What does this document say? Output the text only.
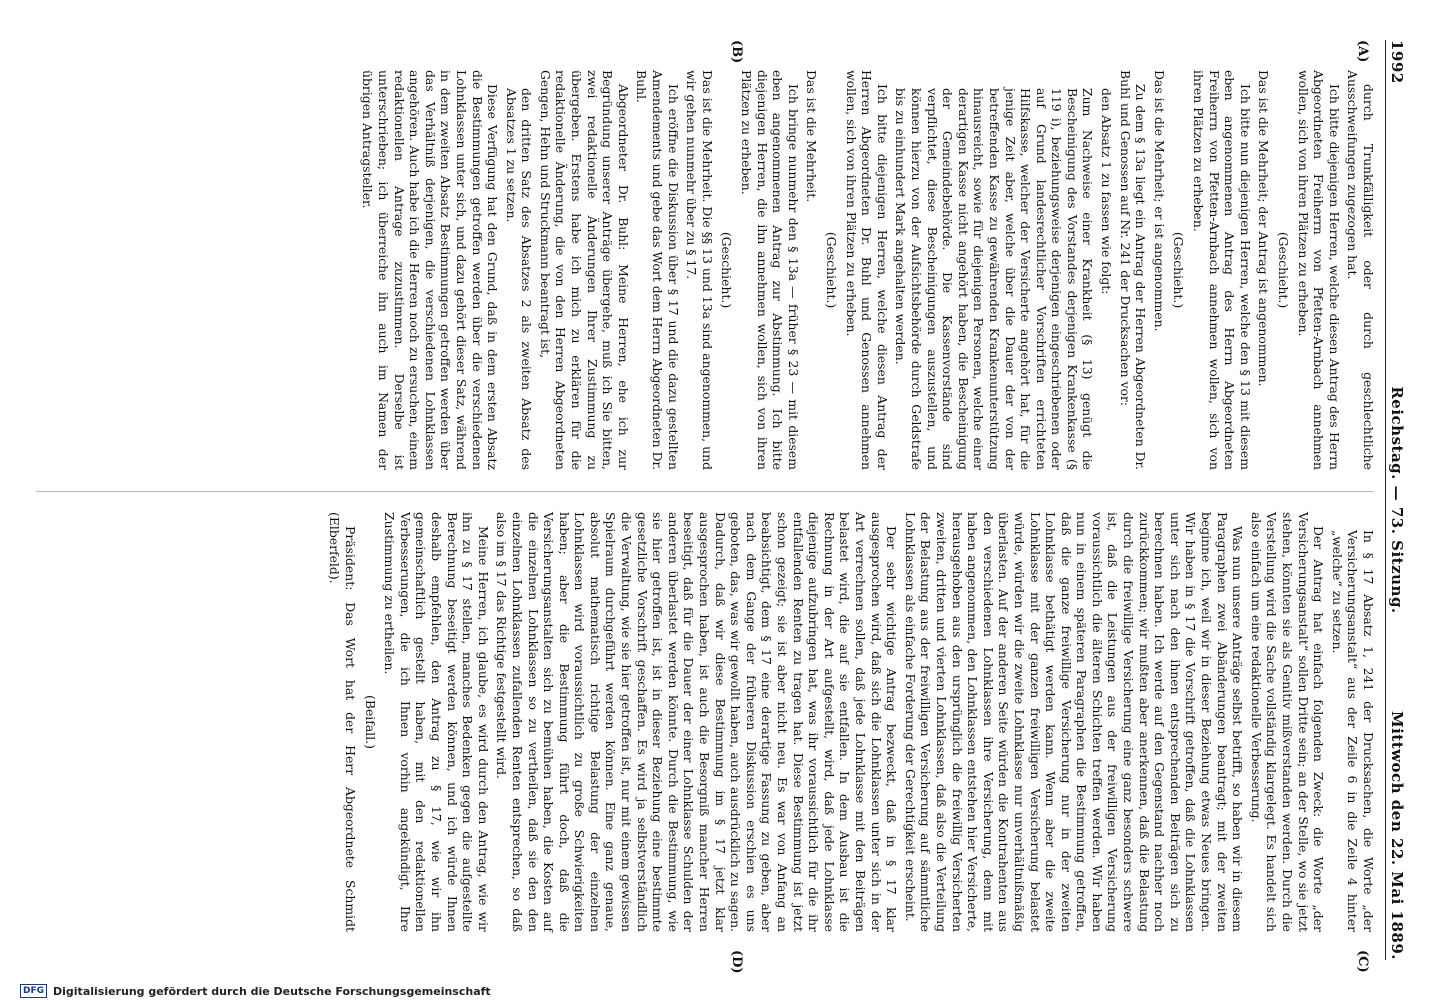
1992
Reichstag. — 73. Sitzung.
Mittwoch den 22. Mai 1889.
(A)
(B)
(C)
(D)

durch Trunkfälligkeit oder durch geschlechtliche Ausschweifungen zugezogen hat.

Ich bitte diejenigen Herren, welche diesen Antrag des Herrn Abgeordneten Freiherrn von Pfetten-Arnbach annehmen wollen, sich von ihren Plätzen zu erheben.

(Geschieht.)

Das ist die Mehrheit; der Antrag ist angenommen.

Ich bitte nun diejenigen Herren, welche den § 13 mit diesem eben angenommenen Antrag des Herrn Abgeordneten Freiherrn von Pfetten-Arnbach annehmen wollen, sich von ihren Plätzen zu erheben.

(Geschieht.)

Das ist die Mehrheit; er ist angenommen.

Zu dem § 13a liegt ein Antrag der Herren Abgeordneten Dr. Buhl und Genossen auf Nr. 241 der Drucksachen vor:

den Absatz 1 zu fassen wie folgt:

Zum Nachweise einer Krankheit (§ 13) genügt die Bescheinigung des Vorstandes derjenigen Krankenkasse (§ 119 i), beziehungsweise derjenigen eingeschriebenen oder auf Grund landesrechtlicher Vorschriften errichteten Hilfskasse, welcher der Versicherte angehört hat, für die jenige Zeit aber, welche über die Dauer der von der betreffenden Kasse zu gewährenden Krankenunterstützung hinausreicht, sowie für diejenigen Personen, welche einer derartigen Kasse nicht angehört haben, die Bescheinigung der Gemeindebehörde. Die Kassenvorstände sind verpflichtet, diese Bescheinigungen auszustellen, und können hierzu von der Aufsichtsbehörde durch Geldstrafe bis zu einhundert Mark angehalten werden.

Ich bitte diejenigen Herren, welche diesen Antrag der Herren Abgeordneten Dr. Buhl und Genossen annehmen wollen, sich von ihren Plätzen zu erheben.

(Geschieht.)

Das ist die Mehrheit.

Ich bringe nunmehr den § 13a — früher § 23 — mit diesem eben angenommenen Antrag zur Abstimmung. Ich bitte diejenigen Herren, die ihn annehmen wollen, sich von ihren Plätzen zu erheben.

(Geschieht.)

Das ist die Mehrheit. Die §§ 13 und 13a sind angenommen, und wir gehen nunmehr über zu § 17.

Ich eröffne die Diskussion über § 17 und die dazu gestellten Amendements und gebe das Wort dem Herrn Abgeordneten Dr. Buhl.

Abgeordneter Dr. Buhl: Meine Herren, ehe ich zur Begründung unserer Anträge übergehe, muß ich Sie bitten, zwei redaktionelle Änderungen Ihrer Zustimmung zu übergeben. Erstens habe ich mich zu erklären für die redaktionelle Änderung, die von den Herren Abgeordneten Gengen, Hehn und Struckmann beantragt ist,

den dritten Satz des Absatzes 2 als zweiten Absatz des Absatzes 1 zu setzen.

Diese Verfügung hat den Grund, daß in dem ersten Absatz die Bestimmungen getroffen werden über die verschiedenen Lohnklassen unter sich, und dazu gehört dieser Satz, während in dem zweiten Absatz Bestimmungen getroffen werden über das Verhältniß derjenigen, die verschiedenen Lohnklassen angehören. Auch habe ich die Herren noch zu ersuchen, einem redaktionellen Antrage zuzustimmen. Derselbe ist unterschrieben; ich überreiche ihn auch im Namen der übrigen Antragsteller.

In § 17 Absatz 1, 241 der Drucksachen, die Worte „der Versicherungsanstalt“ aus der Zeile 6 in die Zeile 4 hinter „welche“ zu setzen.

Der Antrag hat einfach folgenden Zweck: die Worte „der Versicherungsanstalt“ sollen Dritte sein; an der Stelle, wo sie jetzt stehen, könnten sie als Genitiv mißverstanden werden. Durch die Verstellung wird die Sache vollständig klargelegt. Es handelt sich also einfach um eine redaktionelle Verbesserung.

Was nun unsere Anträge selbst betrifft, so haben wir in diesem Paragraphen zwei Abänderungen beantragt; mit der zweiten beginne ich, weil wir in dieser Beziehung etwas Neues bringen. Wir haben in § 17 die Vorschrift getroffen, daß die Lohnklassen unter sich nach den ihnen entsprechenden Beiträgen sich zu berechnen haben. Ich werde auf den Gegenstand nachher noch zurückkommen; wir mußten aber anerkennen, daß die Belastung durch die freiwillige Versicherung eine ganz besonders schwere ist, daß die Leistungen aus der freiwilligen Versicherung voraussichtlich die älteren Schichten treffen werden. Wir haben nun in einem späteren Paragraphen die Bestimmung getroffen, daß die ganze freiwillige Versicherung nur in der zweiten Lohnklasse bethätigt werden kann. Wenn aber die zweite Lohnklasse mit der ganzen freiwilligen Versicherung belastet würde, würden wir die zweite Lohnklasse nur unverhältnißmäßig überlasten. Auf der anderen Seite würden die Kontrahenten aus den verschiedenen Lohnklassen ihre Versicherung, denn mit haben angenommen, den Lohnklassen entstehen hier Versicherte, herausgehoben aus den ursprünglich die freiwillig Versicherten zweiten, dritten und vierten Lohnklassen, daß also die Verteilung der Belastung aus der freiwilligen Versicherung auf sämmtliche Lohnklassen als einfache Forderung der Gerechtigkeit erscheint.

Der sehr wichtige Antrag bezweckt, daß in § 17 klar ausgesprochen wird, daß sich die Lohnklassen unter sich in der Art verrechnen sollen, daß jede Lohnklasse mit den Beiträgen belastet wird, die auf sie entfallen. In dem Ausbau ist die Rechnung in der Art aufgestellt, wird, daß jede Lohnklasse diejenige aufzubringen hat, was ihr voraussichtlich für die ihr entfallenden Renten zu tragen hat. Diese Bestimmung ist jetzt schon gezeigt; sie ist aber nicht neu. Es war von Anfang an beabsichtigt, dem § 17 eine derartige Fassung zu geben, aber nach dem Gange der früheren Diskussion erschien es uns geboten, das, was wir gewollt haben, auch ausdrücklich zu sagen. Dadurch, daß wir diese Bestimmung im § 17 jetzt klar ausgesprochen haben, ist auch die Besorgniß mancher Herren beseitigt, daß für die Dauer der einer Lohnklasse Schulden der anderen überlastet werden könnte. Durch die Bestimmung, wie sie hier getroffen ist, ist in dieser Beziehung eine bestimmte gesetzliche Vorschrift geschaffen. Es wird ja selbstverständlich die Verwaltung, wie sie hier getroffen ist, nur mit einem gewissen Spielraum durchgeführt werden können. Eine ganz genaue, absolut mathematisch richtige Belastung der einzelnen Lohnklassen wird voraussichtlich zu große Schwierigkeiten haben; aber die Bestimmung führt doch, daß die Versicherungsanstalten sich zu bemühen haben, die Kosten auf die einzelnen Lohnklassen so zu vertheilen, daß sie den den einzelnen Lohnklassen zufallenden Renten entsprechen, so daß also im § 17 das Richtige festgestellt wird.

Meine Herren, ich glaube, es wird durch den Antrag, wie wir ihn zu § 17 stellen, manches Bedenken gegen die aufgestellte Berechnung beseitigt werden können, und ich würde Ihnen deshalb empfehlen, den Antrag zu § 17, wie wir ihn gemeinschaftlich gestellt haben, mit den redaktionellen Verbesserungen, die ich Ihnen vorhin angekündigt, Ihre Zustimmung zu ertheilen.

(Beifall.)

Präsident: Das Wort hat der Herr Abgeordnete Schmidt (Elberfeld).

DFG Digitalisierung gefördert durch die Deutsche Forschungsgemeinschaft
